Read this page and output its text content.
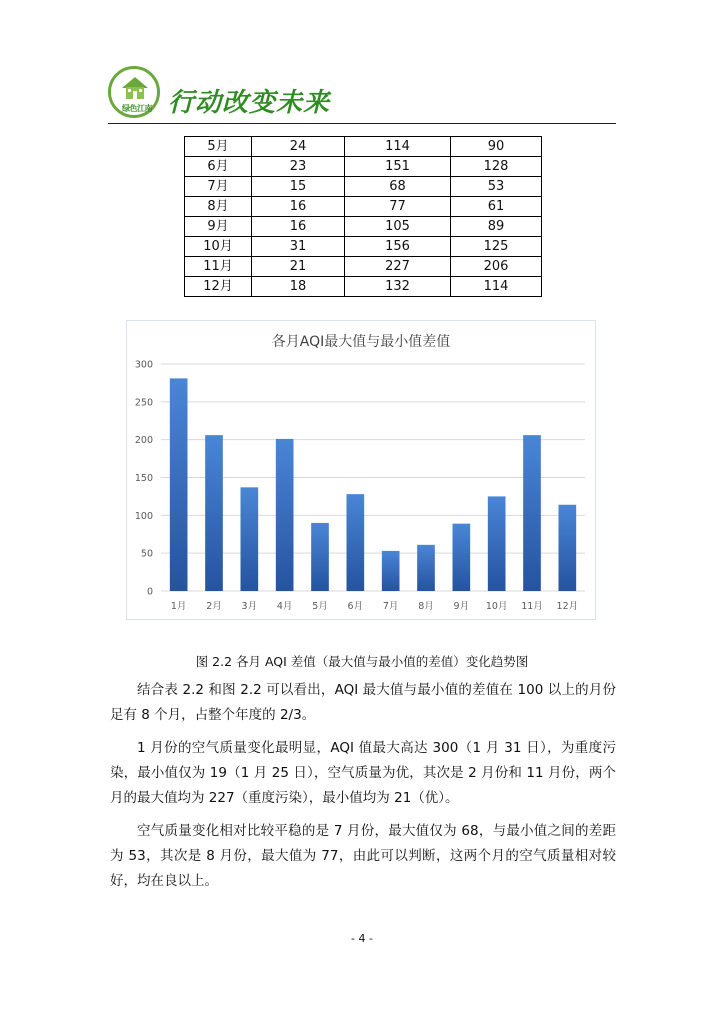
绿色江南 行动改变未来
5月	24	114	90
6月	23	151	128
7月	15	68	53
8月	16	77	61
9月	16	105	89
10月	31	156	125
11月	21	227	206
12月	18	132	114
各月AQI最大值与最小值差值
0
50
100
150
200
250
300
1月 2月 3月 4月 5月 6月 7月 8月 9月 10月 11月 12月
图 2.2 各月 AQI 差值（最大值与最小值的差值）变化趋势图

结合表 2.2 和图 2.2 可以看出，AQI 最大值与最小值的差值在 100 以上的月份足有 8 个月，占整个年度的 2/3。

1 月份的空气质量变化最明显，AQI 值最大高达 300（1 月 31 日），为重度污染，最小值仅为 19（1 月 25 日），空气质量为优，其次是 2 月份和 11 月份，两个月的最大值均为 227（重度污染），最小值均为 21（优）。

空气质量变化相对比较平稳的是 7 月份，最大值仅为 68，与最小值之间的差距为 53，其次是 8 月份，最大值为 77，由此可以判断，这两个月的空气质量相对较好，均在良以上。

- 4 -
